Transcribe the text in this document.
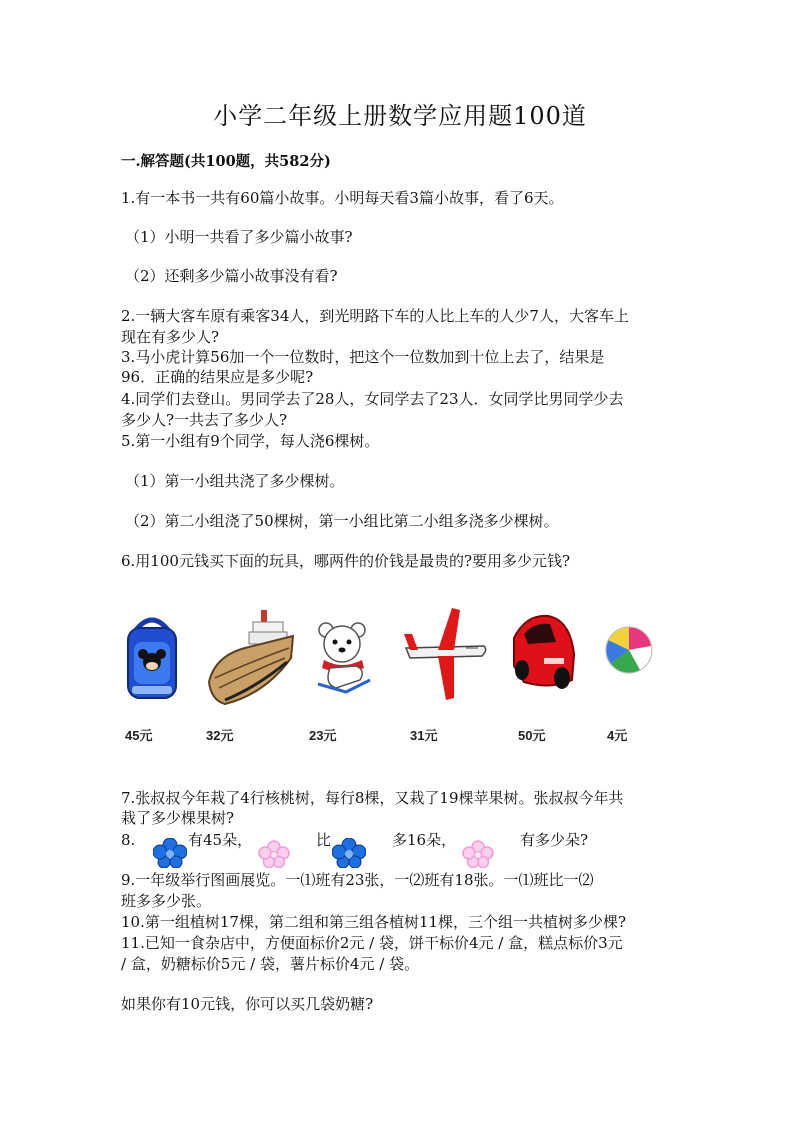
小学二年级上册数学应用题100道
一.解答题(共100题，共582分)
1.有一本书一共有60篇小故事。小明每天看3篇小故事，看了6天。
（1）小明一共看了多少篇小故事?
（2）还剩多少篇小故事没有看?
2.一辆大客车原有乘客34人，到光明路下车的人比上车的人少7人，大客车上
现在有多少人?
3.马小虎计算56加一个一位数时，把这个一位数加到十位上去了，结果是
96．正确的结果应是多少呢?
4.同学们去登山。男同学去了28人，女同学去了23人．女同学比男同学少去
多少人?一共去了多少人?
5.第一小组有9个同学，每人浇6棵树。
（1）第一小组共浇了多少棵树。
（2）第二小组浇了50棵树，第一小组比第二小组多浇多少棵树。
6.用100元钱买下面的玩具，哪两件的价钱是最贵的?要用多少元钱?
45元	32元	23元	31元	50元	4元
7.张叔叔今年栽了4行核桃树，每行8棵，又栽了19棵苹果树。张叔叔今年共
栽了多少棵果树?
8.	有45朵，	比	多16朵，	有多少朵?
9.一年级举行图画展览。一⑴班有23张，一⑵班有18张。一⑴班比一⑵
班多多少张。
10.第一组植树17棵，第二组和第三组各植树11棵，三个组一共植树多少棵?
11.已知一食杂店中，方便面标价2元 / 袋，饼干标价4元 / 盒，糕点标价3元
/ 盒，奶糖标价5元 / 袋，薯片标价4元 / 袋。
如果你有10元钱，你可以买几袋奶糖?
